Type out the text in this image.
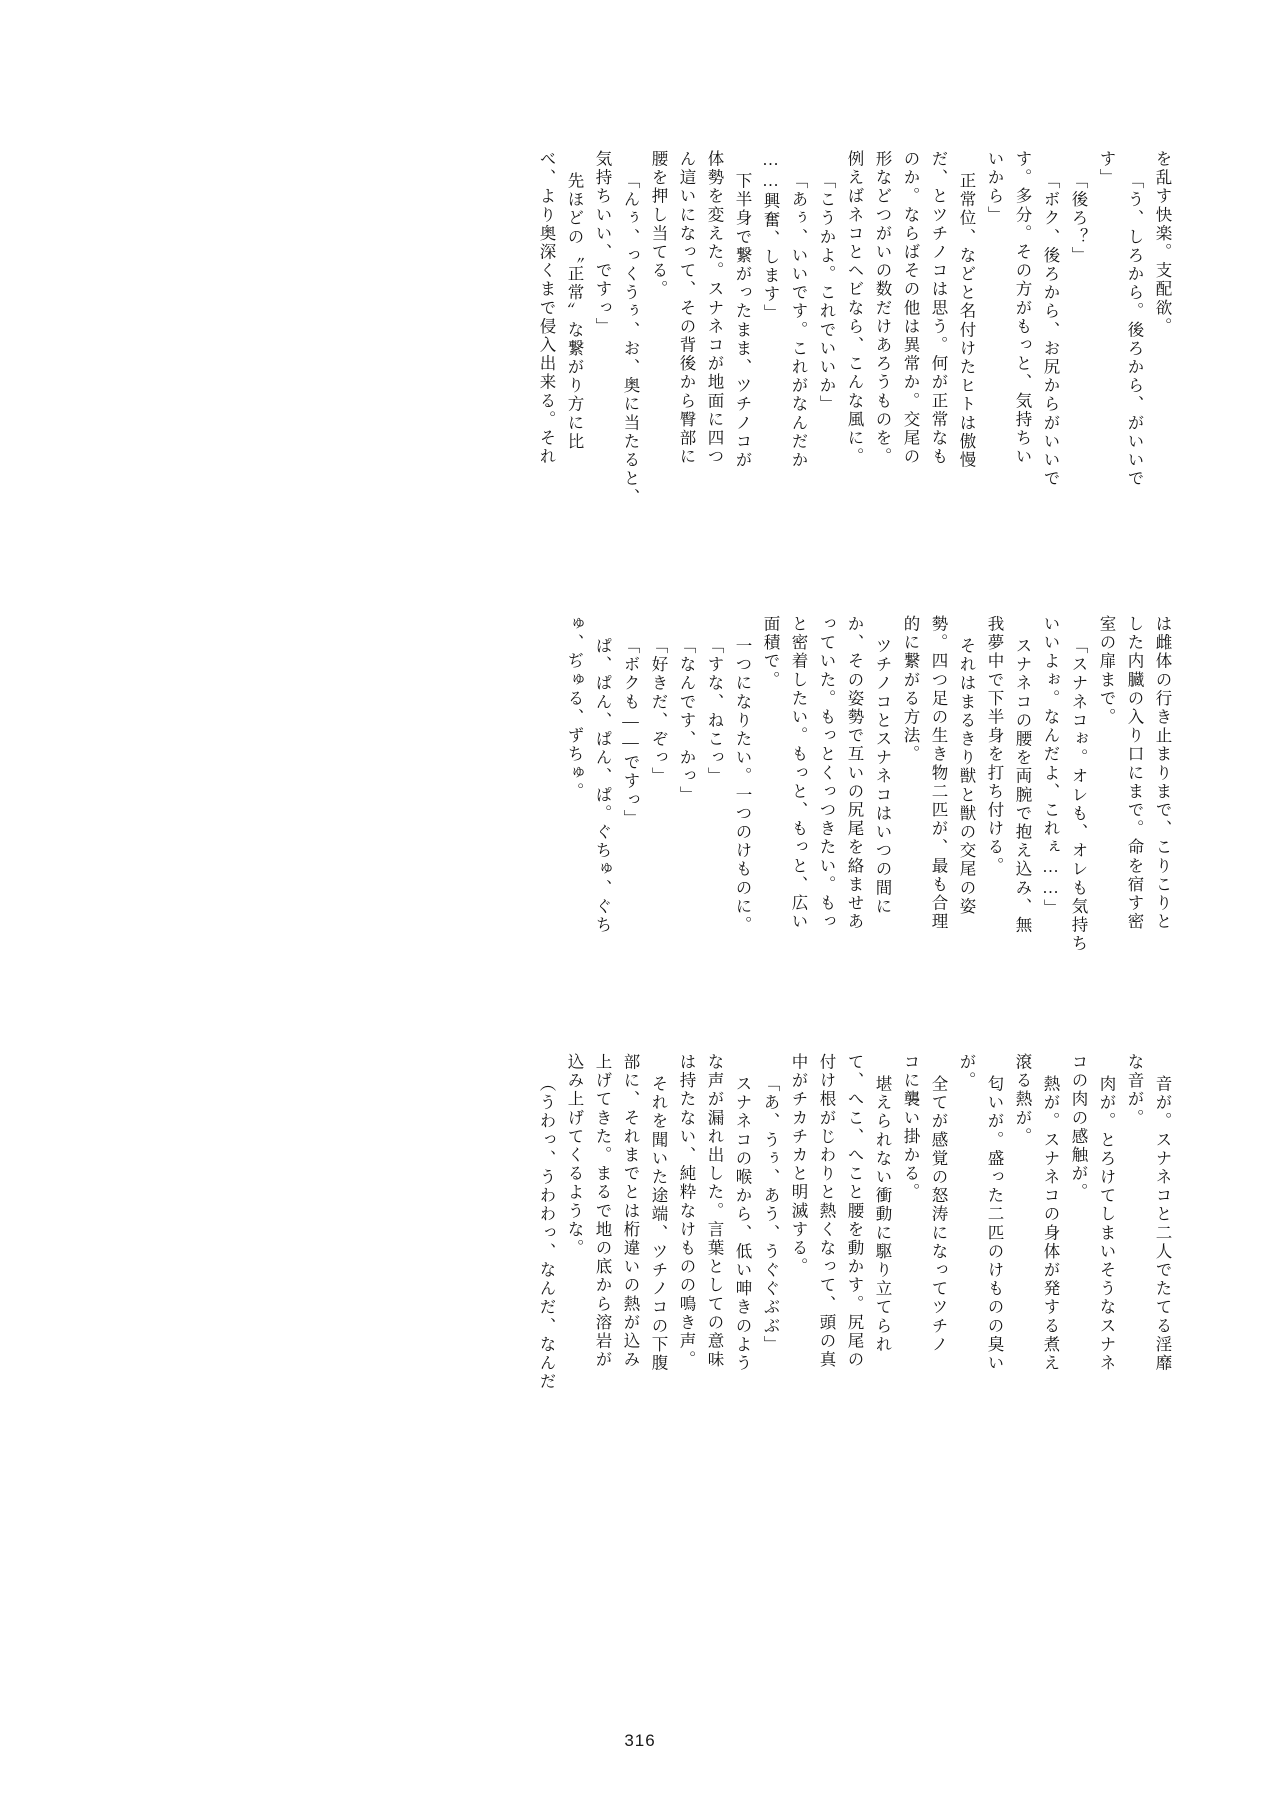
を乱す快楽。支配欲。
「う、しろから。後ろから、がいいで
す」
「後ろ？」
「ボク、後ろから、お尻からがいいで
す。多分。その方がもっと、気持ちい
いから」
正常位、などと名付けたヒトは傲慢
だ、とツチノコは思う。何が正常なも
のか。ならばその他は異常か。交尾の
形などつがいの数だけあろうものを。
例えばネコとヘビなら、こんな風に。
「こうかよ。これでいいか」
「あぅ、いいです。これがなんだか
……興奮、します」
下半身で繋がったまま、ツチノコが
体勢を変えた。スナネコが地面に四つ
ん這いになって、その背後から臀部に
腰を押し当てる。
「んぅ、っくうぅ、お、奥に当たると、
気持ちいい、ですっ」
先ほどの〝正常〟な繋がり方に比
べ、より奥深くまで侵入出来る。それ
は雌体の行き止まりまで、こりこりと
した内臓の入り口にまで。命を宿す密
室の扉まで。
「スナネコぉ。オレも、オレも気持ち
いいよぉ。なんだよ、これぇ……」
スナネコの腰を両腕で抱え込み、無
我夢中で下半身を打ち付ける。
それはまるきり獣と獣の交尾の姿
勢。四つ足の生き物二匹が、最も合理
的に繋がる方法。
ツチノコとスナネコはいつの間に
か、その姿勢で互いの尻尾を絡ませあ
っていた。もっとくっつきたい。もっ
と密着したい。もっと、もっと、広い
面積で。
一つになりたい。一つのけものに。
「すな、ねこっ」
「なんです、かっ」
「好きだ、ぞっ」
「ボクも――ですっ」
ぱ、ぱん、ぱん、ぱ。ぐちゅ、ぐち
ゅ、ぢゅる、ずちゅ。
音が。スナネコと二人でたてる淫靡
な音が。
肉が。とろけてしまいそうなスナネ
コの肉の感触が。
熱が。スナネコの身体が発する煮え
滾る熱が。
匂いが。盛った二匹のけものの臭い
が。
全てが感覚の怒涛になってツチノ
コに襲い掛かる。
堪えられない衝動に駆り立てられ
て、へこ、へこと腰を動かす。尻尾の
付け根がじわりと熱くなって、頭の真
中がチカチカと明滅する。
「あ、うぅ、あう、うぐぐぶぶ」
スナネコの喉から、低い呻きのよう
な声が漏れ出した。言葉としての意味
は持たない、純粋なけものの鳴き声。
それを聞いた途端、ツチノコの下腹
部に、それまでとは桁違いの熱が込み
上げてきた。まるで地の底から溶岩が
込み上げてくるような。
（うわっ、うわわっ、なんだ、なんだ
316
